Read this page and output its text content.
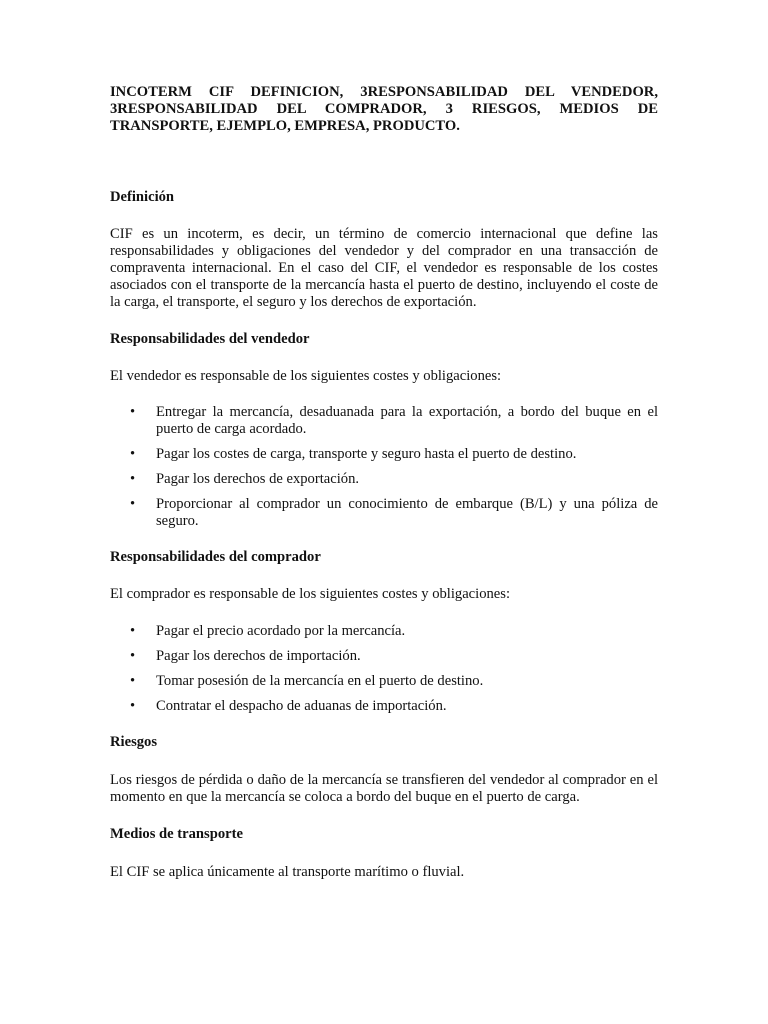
INCOTERM CIF DEFINICION, 3RESPONSABILIDAD DEL VENDEDOR, 3RESPONSABILIDAD DEL COMPRADOR, 3 RIESGOS, MEDIOS DE TRANSPORTE, EJEMPLO, EMPRESA, PRODUCTO.

Definición

CIF es un incoterm, es decir, un término de comercio internacional que define las responsabilidades y obligaciones del vendedor y del comprador en una transacción de compraventa internacional. En el caso del CIF, el vendedor es responsable de los costes asociados con el transporte de la mercancía hasta el puerto de destino, incluyendo el coste de la carga, el transporte, el seguro y los derechos de exportación.

Responsabilidades del vendedor

El vendedor es responsable de los siguientes costes y obligaciones:

• Entregar la mercancía, desaduanada para la exportación, a bordo del buque en el puerto de carga acordado.
• Pagar los costes de carga, transporte y seguro hasta el puerto de destino.
• Pagar los derechos de exportación.
• Proporcionar al comprador un conocimiento de embarque (B/L) y una póliza de seguro.

Responsabilidades del comprador

El comprador es responsable de los siguientes costes y obligaciones:

• Pagar el precio acordado por la mercancía.
• Pagar los derechos de importación.
• Tomar posesión de la mercancía en el puerto de destino.
• Contratar el despacho de aduanas de importación.

Riesgos

Los riesgos de pérdida o daño de la mercancía se transfieren del vendedor al comprador en el momento en que la mercancía se coloca a bordo del buque en el puerto de carga.

Medios de transporte

El CIF se aplica únicamente al transporte marítimo o fluvial.
